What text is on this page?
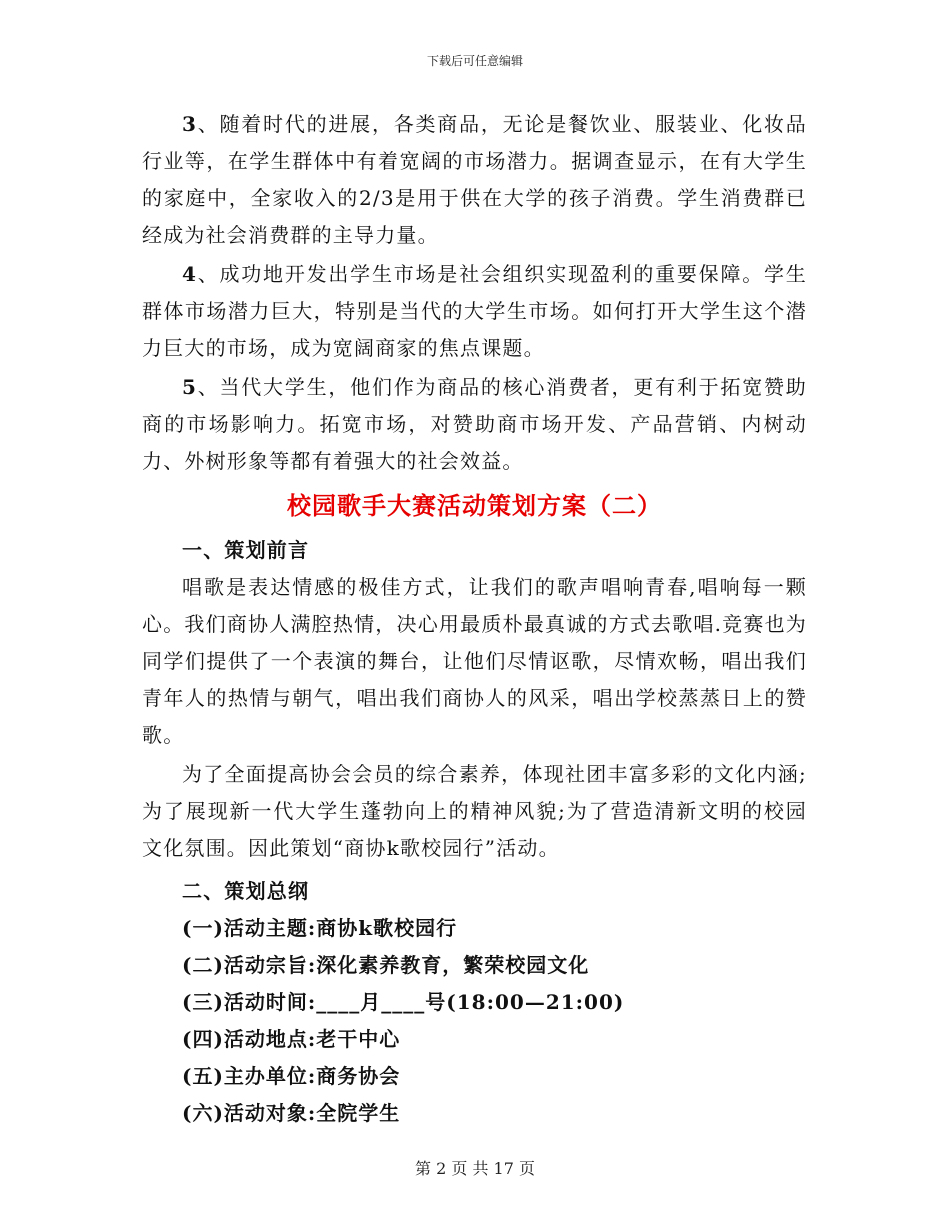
下载后可任意编辑

3、随着时代的进展，各类商品，无论是餐饮业、服装业、化妆品行业等，在学生群体中有着宽阔的市场潜力。据调查显示，在有大学生的家庭中，全家收入的2/3是用于供在大学的孩子消费。学生消费群已经成为社会消费群的主导力量。

4、成功地开发出学生市场是社会组织实现盈利的重要保障。学生群体市场潜力巨大，特别是当代的大学生市场。如何打开大学生这个潜力巨大的市场，成为宽阔商家的焦点课题。

5、当代大学生，他们作为商品的核心消费者，更有利于拓宽赞助商的市场影响力。拓宽市场，对赞助商市场开发、产品营销、内树动力、外树形象等都有着强大的社会效益。

校园歌手大赛活动策划方案（二）

一、策划前言

唱歌是表达情感的极佳方式，让我们的歌声唱响青春,唱响每一颗心。我们商协人满腔热情，决心用最质朴最真诚的方式去歌唱.竞赛也为同学们提供了一个表演的舞台，让他们尽情讴歌，尽情欢畅，唱出我们青年人的热情与朝气，唱出我们商协人的风采，唱出学校蒸蒸日上的赞歌。

为了全面提高协会会员的综合素养，体现社团丰富多彩的文化内涵;为了展现新一代大学生蓬勃向上的精神风貌;为了营造清新文明的校园文化氛围。因此策划“商协k歌校园行”活动。

二、策划总纲

(一)活动主题:商协k歌校园行

(二)活动宗旨:深化素养教育，繁荣校园文化

(三)活动时间:____月____号(18:00—21:00)

(四)活动地点:老干中心

(五)主办单位:商务协会

(六)活动对象:全院学生

第 2 页 共 17 页
